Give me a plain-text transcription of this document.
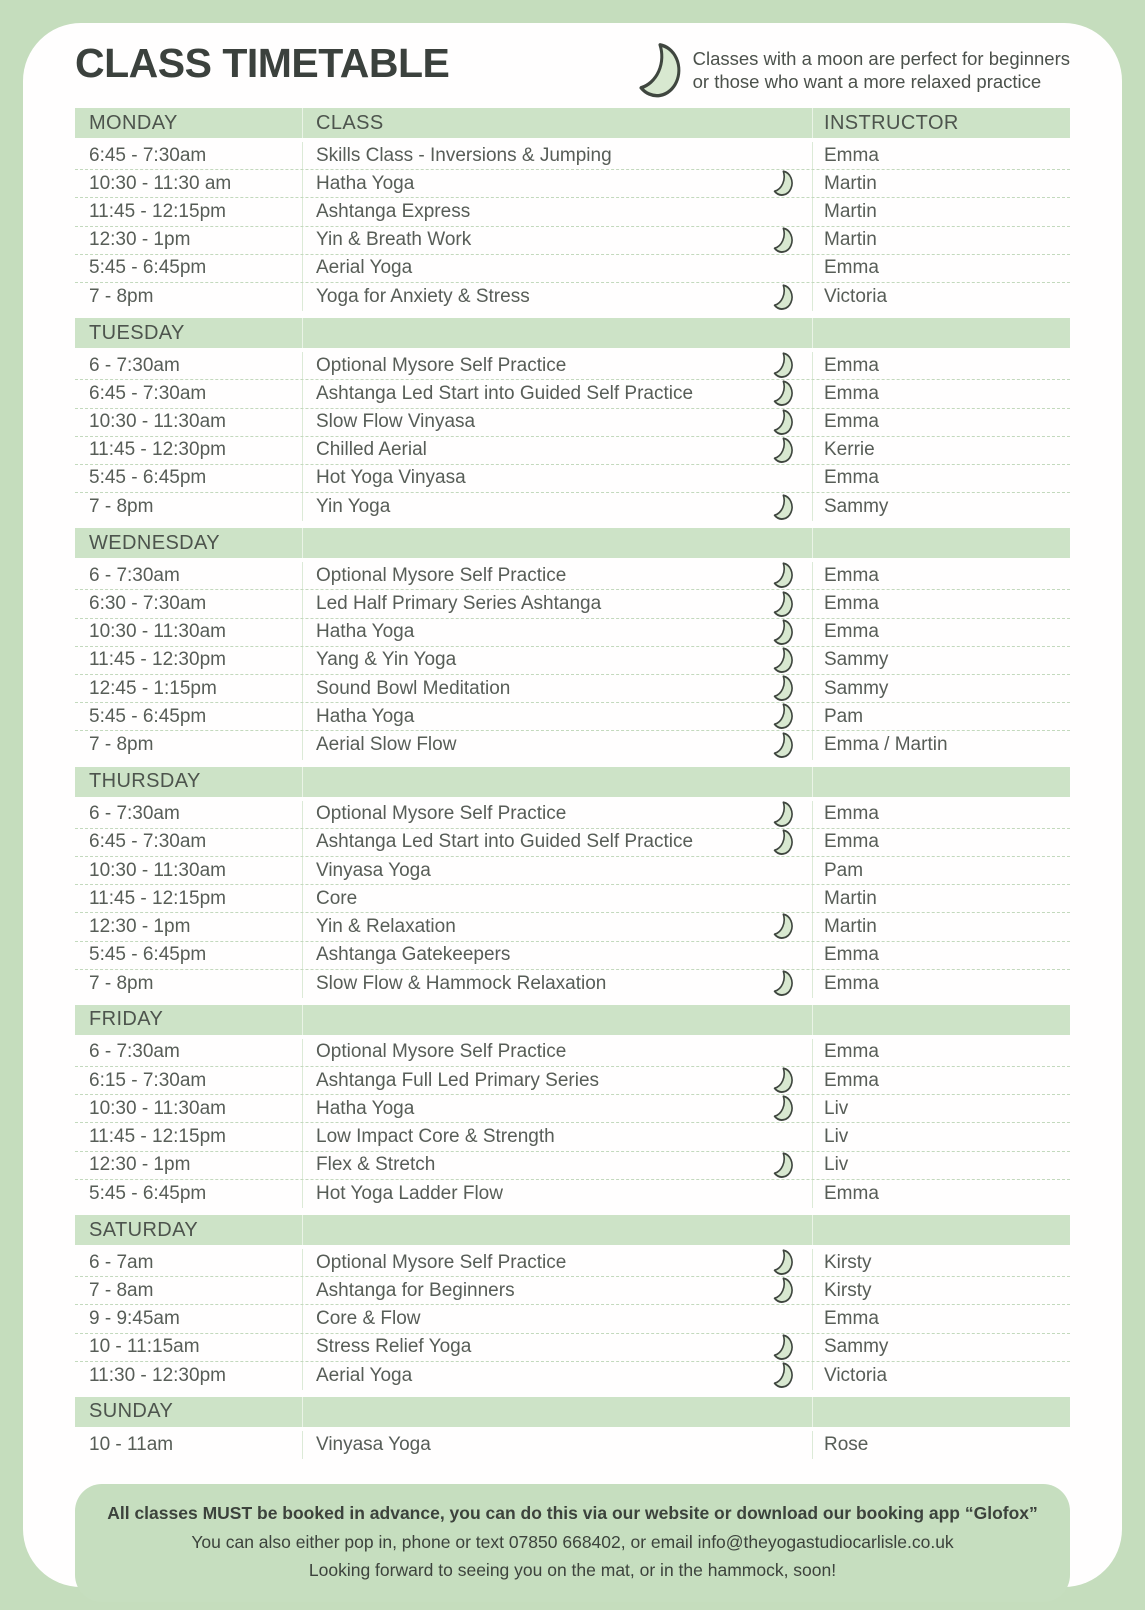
CLASS TIMETABLE	Classes with a moon are perfect for beginners
or those who want a more relaxed practice
MONDAY	CLASS	INSTRUCTOR
6:45 - 7:30am	Skills Class - Inversions & Jumping	Emma
10:30 - 11:30 am	Hatha Yoga	Martin
11:45 - 12:15pm	Ashtanga Express	Martin
12:30 - 1pm	Yin & Breath Work	Martin
5:45 - 6:45pm	Aerial Yoga	Emma
7 - 8pm	Yoga for Anxiety & Stress	Victoria
TUESDAY
6 - 7:30am	Optional Mysore Self Practice	Emma
6:45 - 7:30am	Ashtanga Led Start into Guided Self Practice	Emma
10:30 - 11:30am	Slow Flow Vinyasa	Emma
11:45 - 12:30pm	Chilled Aerial	Kerrie
5:45 - 6:45pm	Hot Yoga Vinyasa	Emma
7 - 8pm	Yin Yoga	Sammy
WEDNESDAY
6 - 7:30am	Optional Mysore Self Practice	Emma
6:30 - 7:30am	Led Half Primary Series Ashtanga	Emma
10:30 - 11:30am	Hatha Yoga	Emma
11:45 - 12:30pm	Yang & Yin Yoga	Sammy
12:45 - 1:15pm	Sound Bowl Meditation	Sammy
5:45 - 6:45pm	Hatha Yoga	Pam
7 - 8pm	Aerial Slow Flow	Emma / Martin
THURSDAY
6 - 7:30am	Optional Mysore Self Practice	Emma
6:45 - 7:30am	Ashtanga Led Start into Guided Self Practice	Emma
10:30 - 11:30am	Vinyasa Yoga	Pam
11:45 - 12:15pm	Core	Martin
12:30 - 1pm	Yin & Relaxation	Martin
5:45 - 6:45pm	Ashtanga Gatekeepers	Emma
7 - 8pm	Slow Flow & Hammock Relaxation	Emma
FRIDAY
6 - 7:30am	Optional Mysore Self Practice	Emma
6:15 - 7:30am	Ashtanga Full Led Primary Series	Emma
10:30 - 11:30am	Hatha Yoga	Liv
11:45 - 12:15pm	Low Impact Core & Strength	Liv
12:30 - 1pm	Flex & Stretch	Liv
5:45 - 6:45pm	Hot Yoga Ladder Flow	Emma
SATURDAY
6 - 7am	Optional Mysore Self Practice	Kirsty
7 - 8am	Ashtanga for Beginners	Kirsty
9 - 9:45am	Core & Flow	Emma
10 - 11:15am	Stress Relief Yoga	Sammy
11:30 - 12:30pm	Aerial Yoga	Victoria
SUNDAY
10 - 11am	Vinyasa Yoga	Rose
All classes MUST be booked in advance, you can do this via our website or download our booking app “Glofox”
You can also either pop in, phone or text 07850 668402, or email info@theyogastudiocarlisle.co.uk
Looking forward to seeing you on the mat, or in the hammock, soon!
